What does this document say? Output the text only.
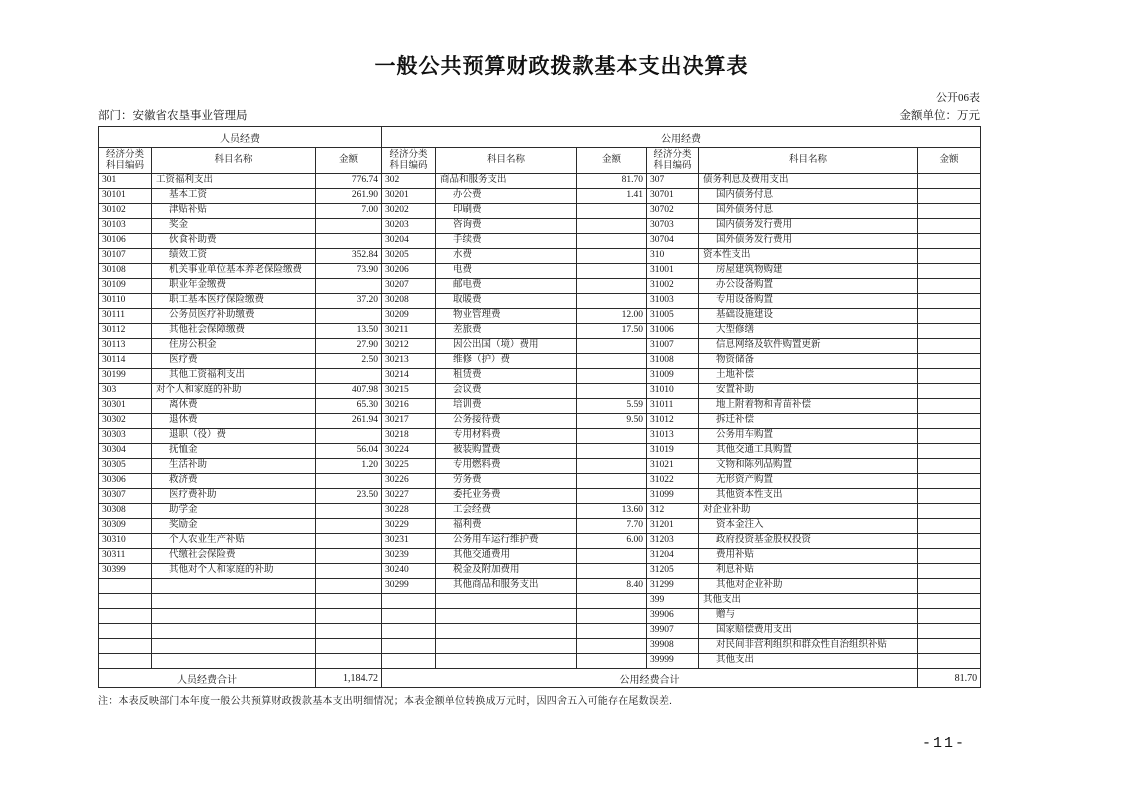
一般公共预算财政拨款基本支出决算表
公开06表
部门：安徽省农垦事业管理局	金额单位：万元
人员经费			公用经费					
经济分类科目编码	科目名称	金额	经济分类科目编码	科目名称	金额	经济分类科目编码	科目名称	金额
301	工资福利支出	776.74	302	商品和服务支出	81.70	307	债务利息及费用支出	
30101	基本工资	261.90	30201	办公费	1.41	30701	国内债务付息	
30102	津贴补贴	7.00	30202	印刷费		30702	国外债务付息	
30103	奖金		30203	咨询费		30703	国内债务发行费用	
30106	伙食补助费		30204	手续费		30704	国外债务发行费用	
30107	绩效工资	352.84	30205	水费		310	资本性支出	
30108	机关事业单位基本养老保险缴费	73.90	30206	电费		31001	房屋建筑物购建	
30109	职业年金缴费		30207	邮电费		31002	办公设备购置	
30110	职工基本医疗保险缴费	37.20	30208	取暖费		31003	专用设备购置	
30111	公务员医疗补助缴费		30209	物业管理费	12.00	31005	基础设施建设	
30112	其他社会保障缴费	13.50	30211	差旅费	17.50	31006	大型修缮	
30113	住房公积金	27.90	30212	因公出国（境）费用		31007	信息网络及软件购置更新	
30114	医疗费	2.50	30213	维修（护）费		31008	物资储备	
30199	其他工资福利支出		30214	租赁费		31009	土地补偿	
303	对个人和家庭的补助	407.98	30215	会议费		31010	安置补助	
30301	离休费	65.30	30216	培训费	5.59	31011	地上附着物和青苗补偿	
30302	退休费	261.94	30217	公务接待费	9.50	31012	拆迁补偿	
30303	退职（役）费		30218	专用材料费		31013	公务用车购置	
30304	抚恤金	56.04	30224	被装购置费		31019	其他交通工具购置	
30305	生活补助	1.20	30225	专用燃料费		31021	文物和陈列品购置	
30306	救济费		30226	劳务费		31022	无形资产购置	
30307	医疗费补助	23.50	30227	委托业务费		31099	其他资本性支出	
30308	助学金		30228	工会经费	13.60	312	对企业补助	
30309	奖励金		30229	福利费	7.70	31201	资本金注入	
30310	个人农业生产补贴		30231	公务用车运行维护费	6.00	31203	政府投资基金股权投资	
30311	代缴社会保险费		30239	其他交通费用		31204	费用补贴	
30399	其他对个人和家庭的补助		30240	税金及附加费用		31205	利息补贴	
			30299	其他商品和服务支出	8.40	31299	其他对企业补助	
						399	其他支出	
						39906	赠与	
						39907	国家赔偿费用支出	
						39908	对民间非营利组织和群众性自治组织补贴	
						39999	其他支出	
人员经费合计		1,184.72	公用经费合计					81.70
注：本表反映部门本年度一般公共预算财政拨款基本支出明细情况；本表金额单位转换成万元时，因四舍五入可能存在尾数误差.
-11-
